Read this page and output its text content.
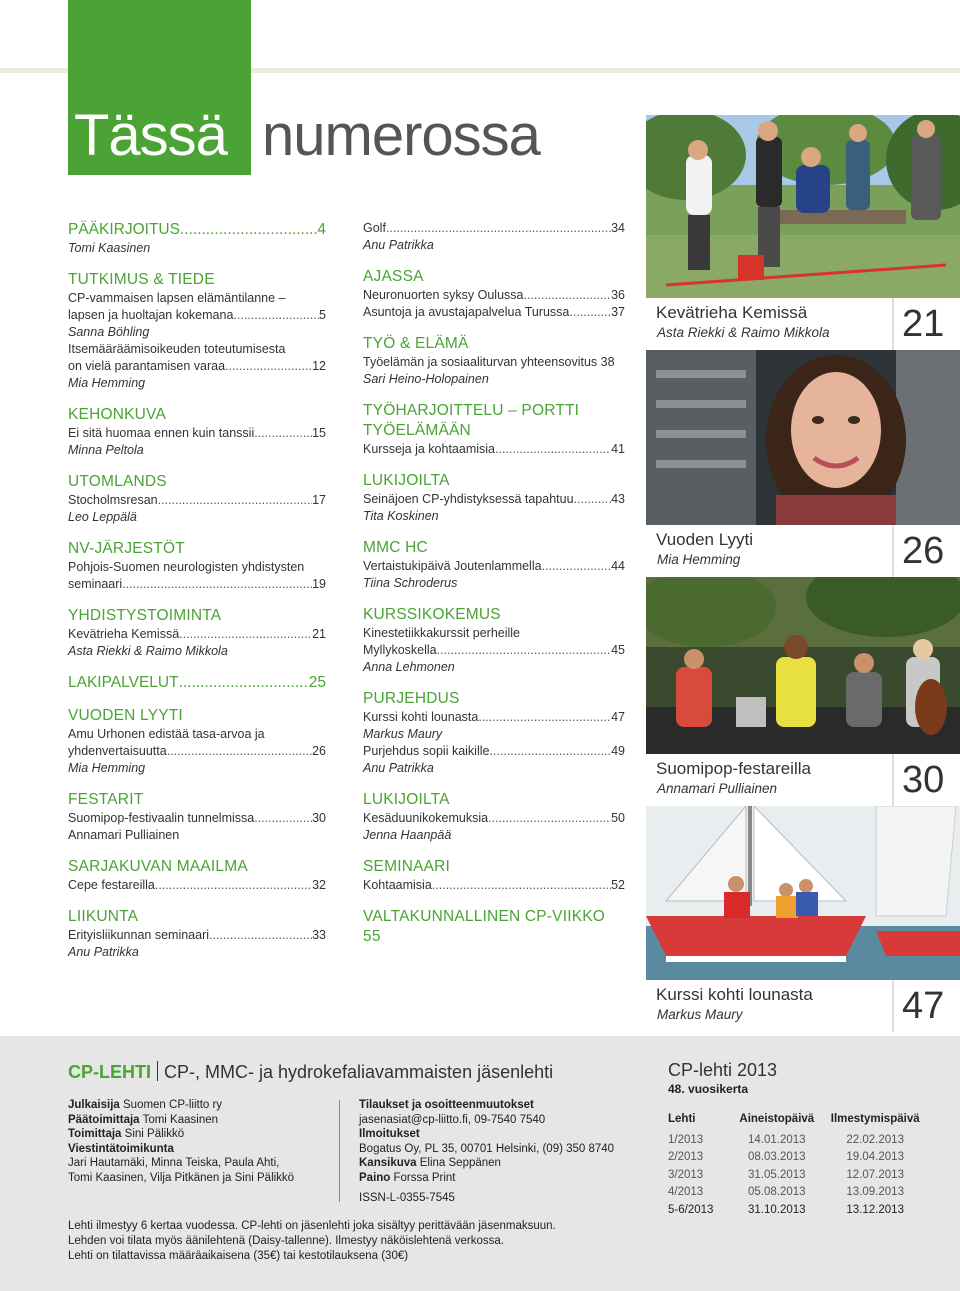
Tässä numerossa
PÄÄKIRJOITUS .....	4
Tomi Kaasinen
TUTKIMUS & TIEDE
CP-vammaisen lapsen elämäntilanne –
lapsen ja huoltajan kokemana .....	5
Sanna Böhling
Itsemääräämisoikeuden toteutumisesta
on vielä parantamisen varaa .....	12
Mia Hemming
KEHONKUVA
Ei sitä huomaa ennen kuin tanssii .....	15
Minna Peltola
UTOMLANDS
Stocholmsresan .....	17
Leo Leppälä
NV-JÄRJESTÖT
Pohjois-Suomen neurologisten yhdistysten
seminaari .....	19
YHDISTYSTOIMINTA
Kevätrieha Kemissä .....	21
Asta Riekki & Raimo Mikkola
LAKIPALVELUT .....	25
VUODEN LYYTI
Amu Urhonen edistää tasa-arvoa ja
yhdenvertaisuutta .....	26
Mia Hemming
FESTARIT
Suomipop-festivaalin tunnelmissa .....	30
Annamari Pulliainen
SARJAKUVAN MAAILMA
Cepe festareilla .....	32
LIIKUNTA
Erityisliikunnan seminaari .....	33
Anu Patrikka
Golf .....	34
Anu Patrikka
AJASSA
Neuronuorten syksy Oulussa .....	36
Asuntoja ja avustajapalvelua Turussa .....	37
TYÖ & ELÄMÄ
Työelämän ja sosiaaliturvan yhteensovitus 38
Sari Heino-Holopainen
TYÖHARJOITTELU – PORTTI
TYÖELÄMÄÄN
Kursseja ja kohtaamisia .....	41
LUKIJOILTA
Seinäjoen CP-yhdistyksessä tapahtuu .....	43
Tita Koskinen
MMC HC
Vertaistukipäivä Joutenlammella .....	44
Tiina Schroderus
KURSSIKOKEMUS
Kinestetiikkakurssit perheille
Myllykoskella .....	45
Anna Lehmonen
PURJEHDUS
Kurssi kohti lounasta .....	47
Markus Maury
Purjehdus sopii kaikille .....	49
Anu Patrikka
LUKIJOILTA
Kesäduunikokemuksia .....	50
Jenna Haanpää
SEMINAARI
Kohtaamisia .....	52
VALTAKUNNALLINEN CP-VIIKKO 55
Kevätrieha Kemissä
Asta Riekki & Raimo Mikkola 21
Vuoden Lyyti
Mia Hemming	26
Suomipop-festareilla
Annamari Pulliainen	30
Kurssi kohti lounasta
Markus Maury	47
CP-LEHTI CP-, MMC- ja hydrokefaliavammaisten jäsenlehti
Julkaisija Suomen CP-liitto ry
Päätoimittaja Tomi Kaasinen
Toimittaja Sini Pälikkö
Viestintätoimikunta
Jari Hautamäki, Minna Teiska, Paula Ahti,
Tomi Kaasinen, Vilja Pitkänen ja Sini Pälikkö
Tilaukset ja osoitteenmuutokset
jasenasiat@cp-liitto.fi, 09-7540 7540
Ilmoitukset
Bogatus Oy, PL 35, 00701 Helsinki, (09) 350 8740
Kansikuva Elina Seppänen
Paino Forssa Print
ISSN-L-0355-7545
CP-lehti 2013
48. vuosikerta
Lehti	Aineistopäivä	Ilmestymispäivä
1/2013	14.01.2013	22.02.2013
2/2013	08.03.2013	19.04.2013
3/2013	31.05.2013	12.07.2013
4/2013	05.08.2013	13.09.2013
5-6/2013	31.10.2013	13.12.2013
Lehti ilmestyy 6 kertaa vuodessa. CP-lehti on jäsenlehti joka sisältyy perittävään jäsenmaksuun.
Lehden voi tilata myös äänilehtenä (Daisy-tallenne). Ilmestyy näköislehtenä verkossa.
Lehti on tilattavissa määräaikaisena (35€) tai kestotilauksena (30€)
